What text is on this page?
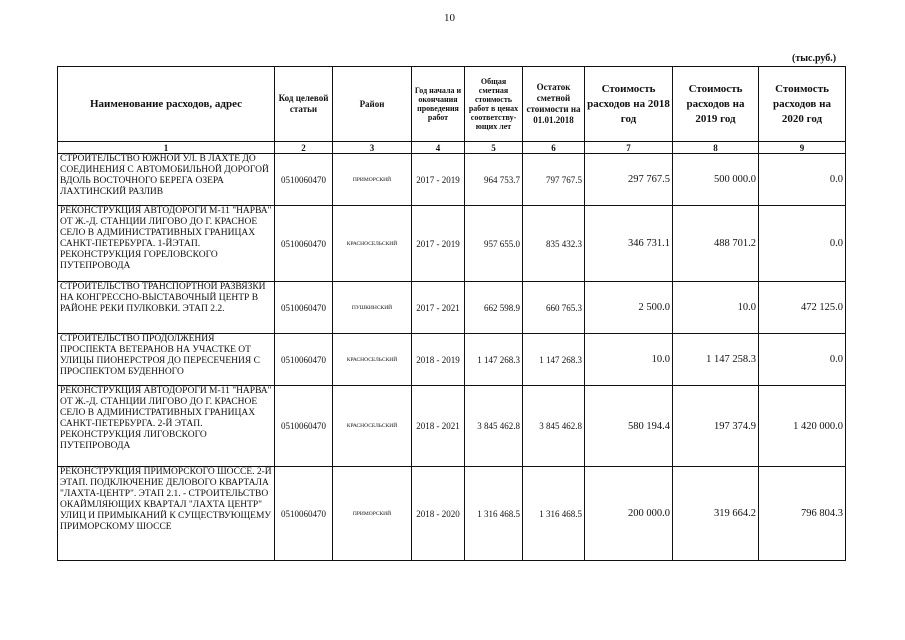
10
(тыс.руб.)
Наименование расходов, адрес	Код целевой статьи	Район	Год начала и окончания проведения работ	Общая сметная стоимость работ в ценах соответству-ющих лет	Остаток сметной стоимости на 01.01.2018	Стоимость расходов на 2018 год	Стоимость расходов на 2019 год	Стоимость расходов на 2020 год
1	2	3	4	5	6	7	8	9
СТРОИТЕЛЬСТВО ЮЖНОЙ УЛ. В ЛАХТЕ ДО СОЕДИНЕНИЯ С АВТОМОБИЛЬНОЙ ДОРОГОЙ ВДОЛЬ ВОСТОЧНОГО БЕРЕГА ОЗЕРА ЛАХТИНСКИЙ РАЗЛИВ	0510060470	ПРИМОРСКИЙ	2017 - 2019	964 753.7	797 767.5	297 767.5	500 000.0	0.0
РЕКОНСТРУКЦИЯ АВТОДОРОГИ М-11 "НАРВА" ОТ Ж.-Д. СТАНЦИИ ЛИГОВО ДО Г. КРАСНОЕ СЕЛО В АДМИНИСТРАТИВНЫХ ГРАНИЦАХ САНКТ-ПЕТЕРБУРГА. 1-ЙЭТАП. РЕКОНСТРУКЦИЯ ГОРЕЛОВСКОГО ПУТЕПРОВОДА	0510060470	КРАСНОСЕЛЬСКИЙ	2017 - 2019	957 655.0	835 432.3	346 731.1	488 701.2	0.0
СТРОИТЕЛЬСТВО ТРАНСПОРТНОЙ РАЗВЯЗКИ НА КОНГРЕССНО-ВЫСТАВОЧНЫЙ ЦЕНТР В РАЙОНЕ РЕКИ ПУЛКОВКИ. ЭТАП 2.2.	0510060470	ПУШКИНСКИЙ	2017 - 2021	662 598.9	660 765.3	2 500.0	10.0	472 125.0
СТРОИТЕЛЬСТВО ПРОДОЛЖЕНИЯ ПРОСПЕКТА ВЕТЕРАНОВ НА УЧАСТКЕ ОТ УЛИЦЫ ПИОНЕРСТРОЯ ДО ПЕРЕСЕЧЕНИЯ С ПРОСПЕКТОМ БУДЕННОГО	0510060470	КРАСНОСЕЛЬСКИЙ	2018 - 2019	1 147 268.3	1 147 268.3	10.0	1 147 258.3	0.0
РЕКОНСТРУКЦИЯ АВТОДОРОГИ М-11 "НАРВА" ОТ Ж.-Д. СТАНЦИИ ЛИГОВО ДО Г. КРАСНОЕ СЕЛО В АДМИНИСТРАТИВНЫХ ГРАНИЦАХ САНКТ-ПЕТЕРБУРГА. 2-Й ЭТАП. РЕКОНСТРУКЦИЯ ЛИГОВСКОГО ПУТЕПРОВОДА	0510060470	КРАСНОСЕЛЬСКИЙ	2018 - 2021	3 845 462.8	3 845 462.8	580 194.4	197 374.9	1 420 000.0
РЕКОНСТРУКЦИЯ ПРИМОРСКОГО ШОССЕ. 2-Й ЭТАП. ПОДКЛЮЧЕНИЕ ДЕЛОВОГО КВАРТАЛА "ЛАХТА-ЦЕНТР". ЭТАП 2.1. - СТРОИТЕЛЬСТВО ОКАЙМЛЯЮЩИХ КВАРТАЛ "ЛАХТА ЦЕНТР" УЛИЦ И ПРИМЫКАНИЙ К СУЩЕСТВУЮЩЕМУ ПРИМОРСКОМУ ШОССЕ	0510060470	ПРИМОРСКИЙ	2018 - 2020	1 316 468.5	1 316 468.5	200 000.0	319 664.2	796 804.3
